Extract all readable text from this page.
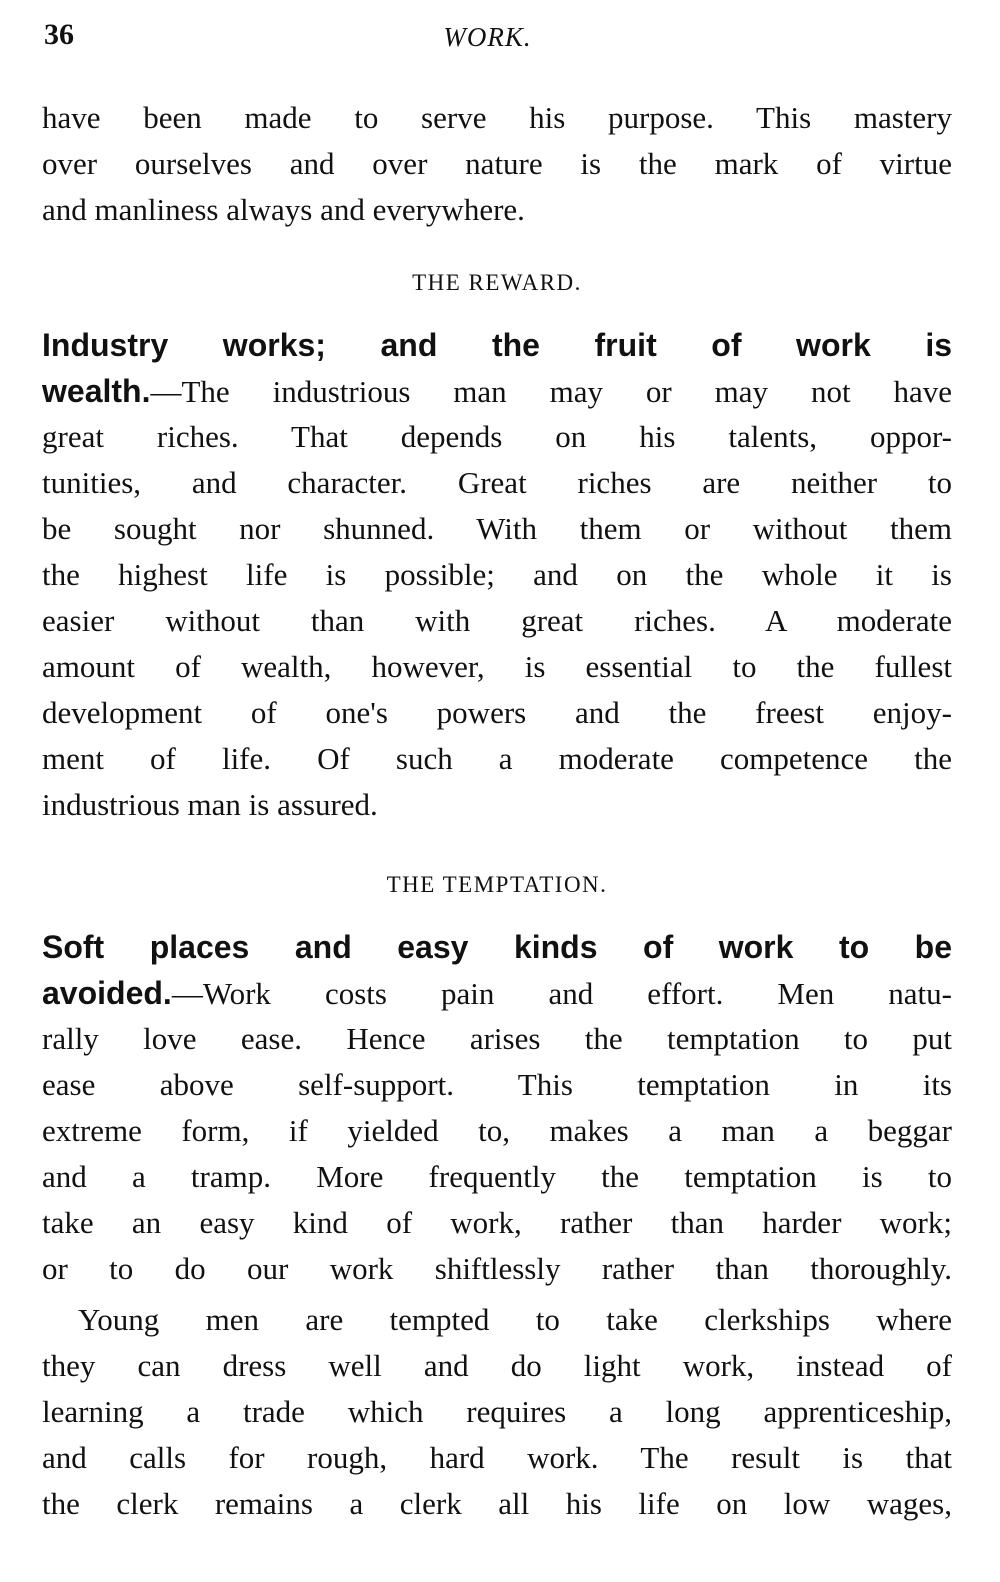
36	WORK.
have been made to serve his purpose. This mastery
over ourselves and over nature is the mark of virtue
and manliness always and everywhere.
THE REWARD.
Industry works; and the fruit of work is
wealth.—The industrious man may or may not have
great riches. That depends on his talents, oppor-
tunities, and character. Great riches are neither to
be sought nor shunned. With them or without them
the highest life is possible; and on the whole it is
easier without than with great riches. A moderate
amount of wealth, however, is essential to the fullest
development of one's powers and the freest enjoy-
ment of life. Of such a moderate competence the
industrious man is assured.
THE TEMPTATION.
Soft places and easy kinds of work to be
avoided.—Work costs pain and effort. Men natu-
rally love ease. Hence arises the temptation to put
ease above self-support. This temptation in its
extreme form, if yielded to, makes a man a beggar
and a tramp. More frequently the temptation is to
take an easy kind of work, rather than harder work;
or to do our work shiftlessly rather than thoroughly.
Young men are tempted to take clerkships where
they can dress well and do light work, instead of
learning a trade which requires a long apprenticeship,
and calls for rough, hard work. The result is that
the clerk remains a clerk all his life on low wages,
